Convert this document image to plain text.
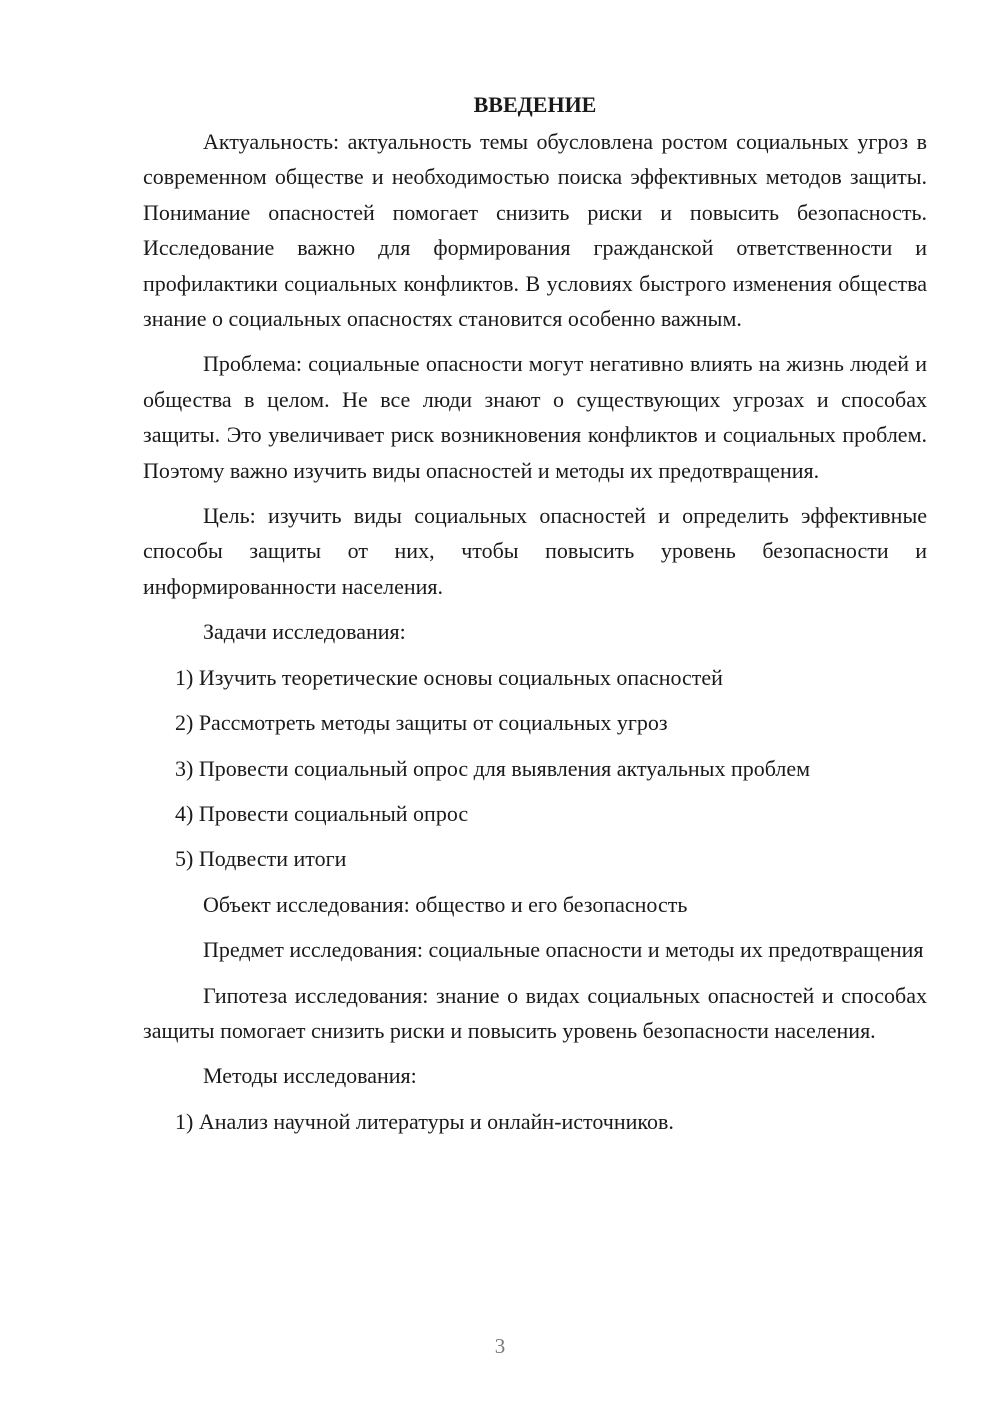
ВВЕДЕНИЕ

Актуальность: актуальность темы обусловлена ростом социальных угроз в современном обществе и необходимостью поиска эффективных методов защиты. Понимание опасностей помогает снизить риски и повысить безопасность. Исследование важно для формирования гражданской ответственности и профилактики социальных конфликтов. В условиях быстрого изменения общества знание о социальных опасностях становится особенно важным.

Проблема: социальные опасности могут негативно влиять на жизнь людей и общества в целом. Не все люди знают о существующих угрозах и способах защиты. Это увеличивает риск возникновения конфликтов и социальных проблем. Поэтому важно изучить виды опасностей и методы их предотвращения.

Цель: изучить виды социальных опасностей и определить эффективные способы защиты от них, чтобы повысить уровень безопасности и информированности населения.

Задачи исследования:
1) Изучить теоретические основы социальных опасностей
2) Рассмотреть методы защиты от социальных угроз
3) Провести социальный опрос для выявления актуальных проблем
4) Провести социальный опрос
5) Подвести итоги
Объект исследования: общество и его безопасность

Предмет исследования: социальные опасности и методы их предотвращения

Гипотеза исследования: знание о видах социальных опасностей и способах защиты помогает снизить риски и повысить уровень безопасности населения.

Методы исследования:
1) Анализ научной литературы и онлайн-источников.
3
